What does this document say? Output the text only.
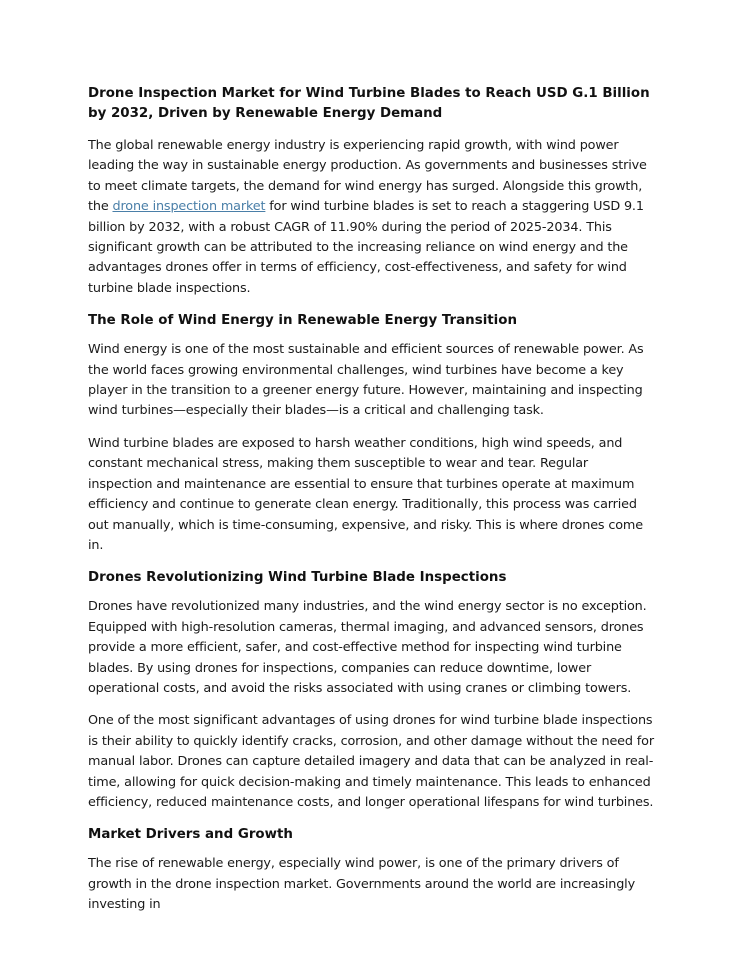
Drone Inspection Market for Wind Turbine Blades to Reach USD G.1 Billion by 2032, Driven by Renewable Energy Demand

The global renewable energy industry is experiencing rapid growth, with wind power leading the way in sustainable energy production. As governments and businesses strive to meet climate targets, the demand for wind energy has surged. Alongside this growth, the drone inspection market for wind turbine blades is set to reach a staggering USD 9.1 billion by 2032, with a robust CAGR of 11.90% during the period of 2025-2034. This significant growth can be attributed to the increasing reliance on wind energy and the advantages drones offer in terms of efficiency, cost-effectiveness, and safety for wind turbine blade inspections.

The Role of Wind Energy in Renewable Energy Transition

Wind energy is one of the most sustainable and efficient sources of renewable power. As the world faces growing environmental challenges, wind turbines have become a key player in the transition to a greener energy future. However, maintaining and inspecting wind turbines—especially their blades—is a critical and challenging task.

Wind turbine blades are exposed to harsh weather conditions, high wind speeds, and constant mechanical stress, making them susceptible to wear and tear. Regular inspection and maintenance are essential to ensure that turbines operate at maximum efficiency and continue to generate clean energy. Traditionally, this process was carried out manually, which is time-consuming, expensive, and risky. This is where drones come in.

Drones Revolutionizing Wind Turbine Blade Inspections

Drones have revolutionized many industries, and the wind energy sector is no exception. Equipped with high-resolution cameras, thermal imaging, and advanced sensors, drones provide a more efficient, safer, and cost-effective method for inspecting wind turbine blades. By using drones for inspections, companies can reduce downtime, lower operational costs, and avoid the risks associated with using cranes or climbing towers.

One of the most significant advantages of using drones for wind turbine blade inspections is their ability to quickly identify cracks, corrosion, and other damage without the need for manual labor. Drones can capture detailed imagery and data that can be analyzed in real-time, allowing for quick decision-making and timely maintenance. This leads to enhanced efficiency, reduced maintenance costs, and longer operational lifespans for wind turbines.

Market Drivers and Growth

The rise of renewable energy, especially wind power, is one of the primary drivers of growth in the drone inspection market. Governments around the world are increasingly investing in
